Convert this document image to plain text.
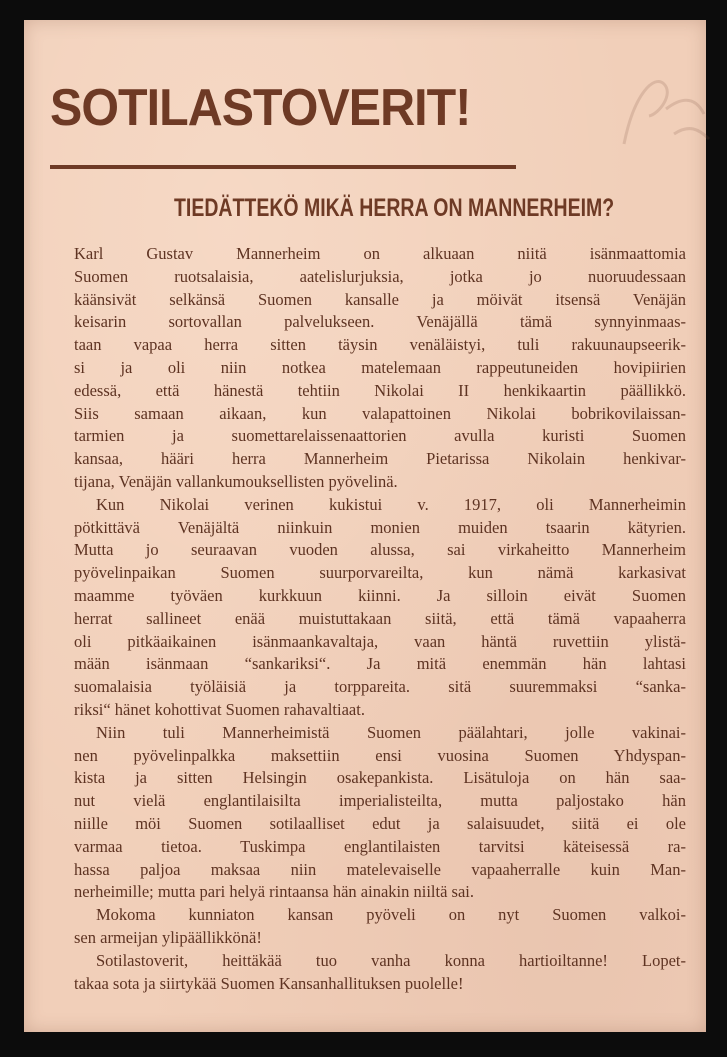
SOTILASTOVERIT!
TIEDÄTTEKÖ MIKÄ HERRA ON MANNERHEIM?
Karl Gustav Mannerheim on alkuaan niitä isänmaattomia
Suomen ruotsalaisia, aatelislurjuksia, jotka jo nuoruudessaan
käänsivät selkänsä Suomen kansalle ja möivät itsensä Venäjän
keisarin sortovallan palvelukseen. Venäjällä tämä synnyinmaas-
taan vapaa herra sitten täysin venäläistyi, tuli rakuunaupseerik-
si ja oli niin notkea matelemaan rappeutuneiden hovipiirien
edessä, että hänestä tehtiin Nikolai II henkikaartin päällikkö.
Siis samaan aikaan, kun valapattoinen Nikolai bobrikovilaissan-
tarmien ja suomettarelaissenaattorien avulla kuristi Suomen
kansaa, hääri herra Mannerheim Pietarissa Nikolain henkivar-
tijana, Venäjän vallankumouksellisten pyövelinä.
Kun Nikolai verinen kukistui v. 1917, oli Mannerheimin
pötkittävä Venäjältä niinkuin monien muiden tsaarin kätyrien.
Mutta jo seuraavan vuoden alussa, sai virkaheitto Mannerheim
pyövelinpaikan Suomen suurporvareilta, kun nämä karkasivat
maamme työväen kurkkuun kiinni. Ja silloin eivät Suomen
herrat sallineet enää muistuttakaan siitä, että tämä vapaaherra
oli pitkäaikainen isänmaankavaltaja, vaan häntä ruvettiin ylistä-
mään isänmaan “sankariksi“. Ja mitä enemmän hän lahtasi
suomalaisia työläisiä ja torppareita. sitä suuremmaksi “sanka-
riksi“ hänet kohottivat Suomen rahavaltiaat.
Niin tuli Mannerheimistä Suomen päälahtari, jolle vakinai-
nen pyövelinpalkka maksettiin ensi vuosina Suomen Yhdyspan-
kista ja sitten Helsingin osakepankista. Lisätuloja on hän saa-
nut vielä englantilaisilta imperialisteilta, mutta paljostako hän
niille möi Suomen sotilaalliset edut ja salaisuudet, siitä ei ole
varmaa tietoa. Tuskimpa englantilaisten tarvitsi käteisessä ra-
hassa paljoa maksaa niin matelevaiselle vapaaherralle kuin Man-
nerheimille; mutta pari helyä rintaansa hän ainakin niiltä sai.
Mokoma kunniaton kansan pyöveli on nyt Suomen valkoi-
sen armeijan ylipäällikkönä!
Sotilastoverit, heittäkää tuo vanha konna hartioiltanne! Lopet-
takaa sota ja siirtykää Suomen Kansanhallituksen puolelle!
